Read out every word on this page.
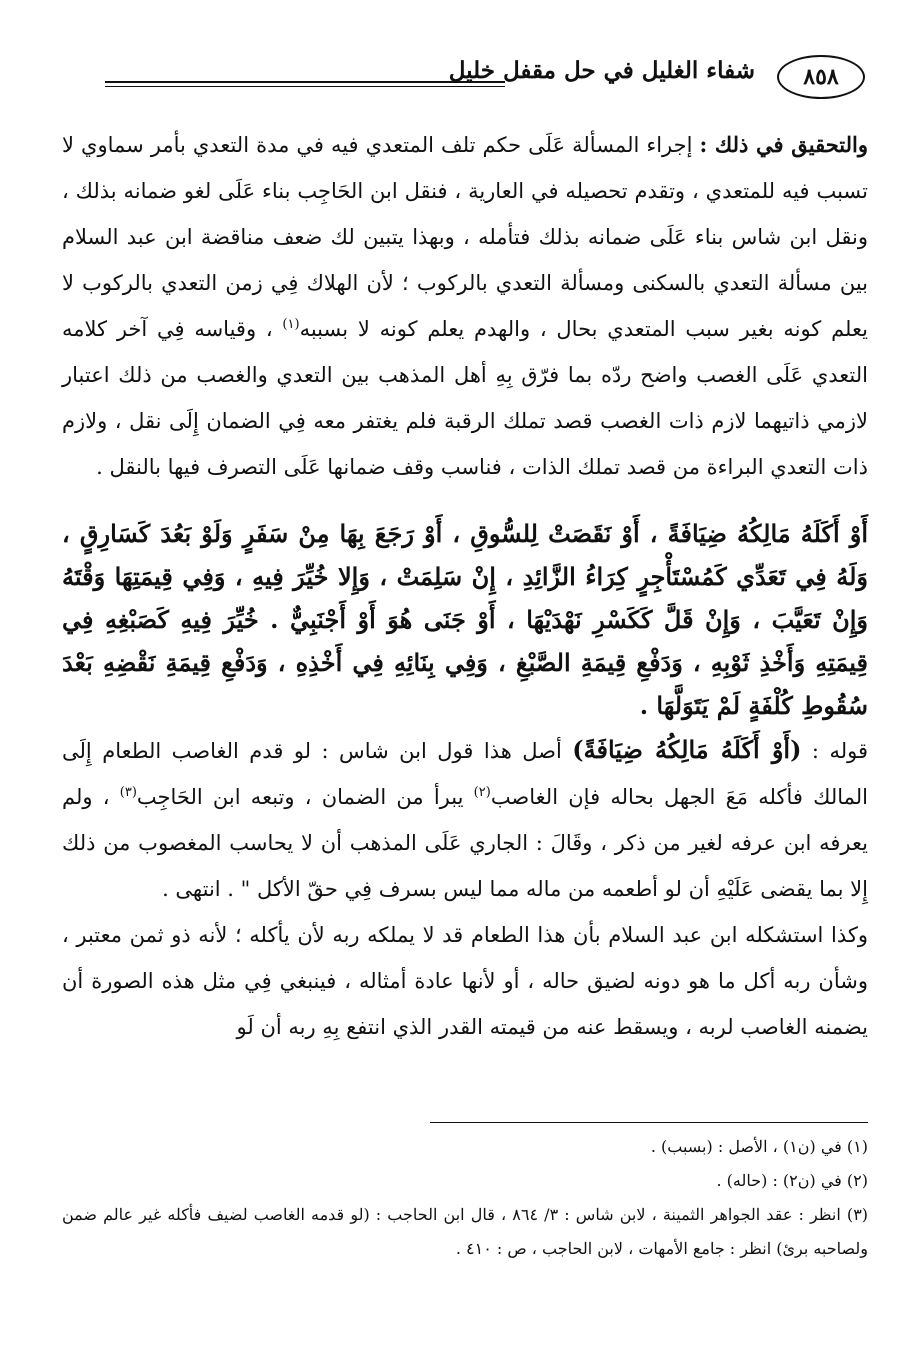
٨٥٨
شفاء الغليل في حل مقفل خليل

والتحقيق في ذلك : إجراء المسألة عَلَى حكم تلف المتعدي فيه في مدة التعدي بأمر سماوي لا تسبب فيه للمتعدي ، وتقدم تحصيله في العارية ، فنقل ابن الحَاجِب بناء عَلَى لغو ضمانه بذلك ، ونقل ابن شاس بناء عَلَى ضمانه بذلك فتأمله ، وبهذا يتبين لك ضعف مناقضة ابن عبد السلام بين مسألة التعدي بالسكنى ومسألة التعدي بالركوب ؛ لأن الهلاك فِي زمن التعدي بالركوب لا يعلم كونه بغير سبب المتعدي بحال ، والهدم يعلم كونه لا بسببه$^{(١)}$ ، وقياسه فِي آخر كلامه التعدي عَلَى الغصب واضح ردّه بما فرّق بِهِ أهل المذهب بين التعدي والغصب من ذلك اعتبار لازمي ذاتيهما لازم ذات الغصب قصد تملك الرقبة فلم يغتفر معه فِي الضمان إِلَى نقل ، ولازم ذات التعدي البراءة من قصد تملك الذات ، فناسب وقف ضمانها عَلَى التصرف فيها بالنقل .

أَوْ أَكَلَهُ مَالِكُهُ ضِيَافَةً ، أَوْ نَقَصَتْ لِلسُّوقِ ، أَوْ رَجَعَ بِهَا مِنْ سَفَرٍ وَلَوْ بَعُدَ كَسَارِقٍ ، وَلَهُ فِي تَعَدِّي كَمُسْتَأْجِرٍ كِرَاءُ الزَّائِدِ ، إِنْ سَلِمَتْ ، وَإِلا خُيِّرَ فِيهِ ، وَفِي قِيمَتِهَا وَقْتَهُ وَإِنْ تَعَيَّبَ ، وَإِنْ قَلَّ كَكَسْرِ نَهْدَيْهَا ، أَوْ جَنَى هُوَ أَوْ أَجْنَبِيٌّ . خُيِّرَ فِيهِ كَصَبْغِهِ فِي قِيمَتِهِ وَأَخْذِ ثَوْبِهِ ، وَدَفْعِ قِيمَةِ الصَّبْغِ ، وَفِي بِنَائِهِ فِي أَخْذِهِ ، وَدَفْعِ قِيمَةِ نَقْضِهِ بَعْدَ سُقُوطِ كُلْفَةٍ لَمْ يَتَوَلَّهَا .

قوله : (أَوْ أَكَلَهُ مَالِكُهُ ضِيَافَةً) أصل هذا قول ابن شاس : لو قدم الغاصب الطعام إِلَى المالك فأكله مَعَ الجهل بحاله فإن الغاصب$^{(٢)}$ يبرأ من الضمان ، وتبعه ابن الحَاجِب$^{(٣)}$ ، ولم يعرفه ابن عرفه لغير من ذكر ، وقَالَ : الجاري عَلَى المذهب أن لا يحاسب المغصوب من ذلك إِلا بما يقضى عَلَيْهِ أن لو أطعمه من ماله مما ليس بسرف فِي حقّ الأكل " . انتهى .

وكذا استشكله ابن عبد السلام بأن هذا الطعام قد لا يملكه ربه لأن يأكله ؛ لأنه ذو ثمن معتبر ، وشأن ربه أكل ما هو دونه لضيق حاله ، أو لأنها عادة أمثاله ، فينبغي فِي مثل هذه الصورة أن يضمنه الغاصب لربه ، ويسقط عنه من قيمته القدر الذي انتفع بِهِ ربه أن لَو

(١) في (ن١) ، الأصل : (بسبب) .

(٢) في (ن٢) : (حاله) .

(٣) انظر : عقد الجواهر الثمينة ، لابن شاس : ٣/ ٨٦٤ ، قال ابن الحاجب : (لو قدمه الغاصب لضيف فأكله غير عالم ضمن ولصاحبه برئ) انظر : جامع الأمهات ، لابن الحاجب ، ص : ٤١٠ .
